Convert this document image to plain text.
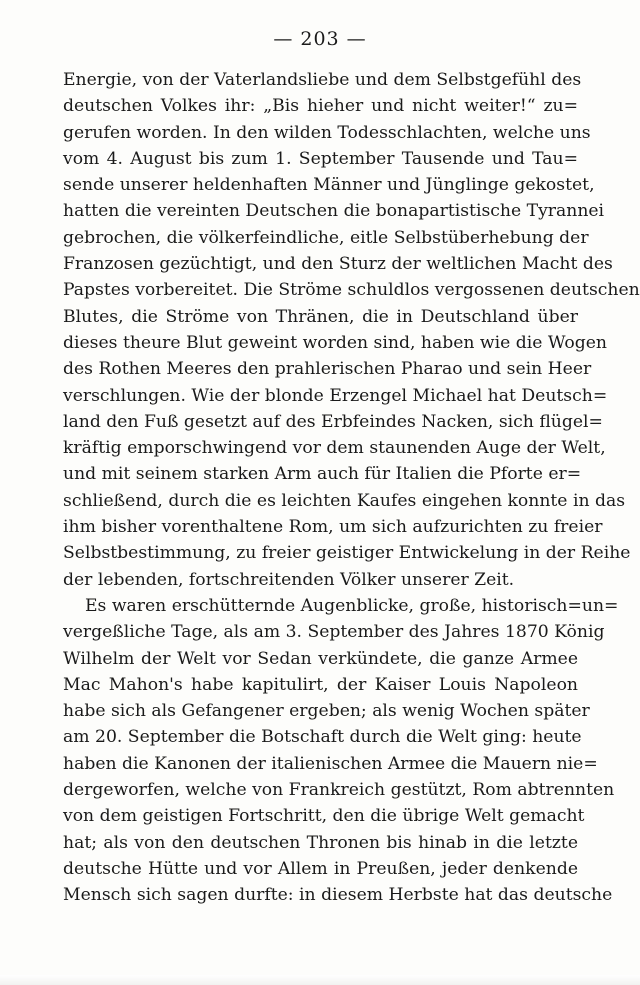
— 203 —
Energie, von der Vaterlandsliebe und dem Selbstgefühl des
deutschen Volkes ihr: „Bis hieher und nicht weiter!“ zu=
gerufen worden. In den wilden Todesschlachten, welche uns
vom 4. August bis zum 1. September Tausende und Tau=
sende unserer heldenhaften Männer und Jünglinge gekostet,
hatten die vereinten Deutschen die bonapartistische Tyrannei
gebrochen, die völkerfeindliche, eitle Selbstüberhebung der
Franzosen gezüchtigt, und den Sturz der weltlichen Macht des
Papstes vorbereitet. Die Ströme schuldlos vergossenen deutschen
Blutes, die Ströme von Thränen, die in Deutschland über
dieses theure Blut geweint worden sind, haben wie die Wogen
des Rothen Meeres den prahlerischen Pharao und sein Heer
verschlungen. Wie der blonde Erzengel Michael hat Deutsch=
land den Fuß gesetzt auf des Erbfeindes Nacken, sich flügel=
kräftig emporschwingend vor dem staunenden Auge der Welt,
und mit seinem starken Arm auch für Italien die Pforte er=
schließend, durch die es leichten Kaufes eingehen konnte in das
ihm bisher vorenthaltene Rom, um sich aufzurichten zu freier
Selbstbestimmung, zu freier geistiger Entwickelung in der Reihe
der lebenden, fortschreitenden Völker unserer Zeit.
Es waren erschütternde Augenblicke, große, historisch=un=
vergeßliche Tage, als am 3. September des Jahres 1870 König
Wilhelm der Welt vor Sedan verkündete, die ganze Armee
Mac Mahon's habe kapitulirt, der Kaiser Louis Napoleon
habe sich als Gefangener ergeben; als wenig Wochen später
am 20. September die Botschaft durch die Welt ging: heute
haben die Kanonen der italienischen Armee die Mauern nie=
dergeworfen, welche von Frankreich gestützt, Rom abtrennten
von dem geistigen Fortschritt, den die übrige Welt gemacht
hat; als von den deutschen Thronen bis hinab in die letzte
deutsche Hütte und vor Allem in Preußen, jeder denkende
Mensch sich sagen durfte: in diesem Herbste hat das deutsche
